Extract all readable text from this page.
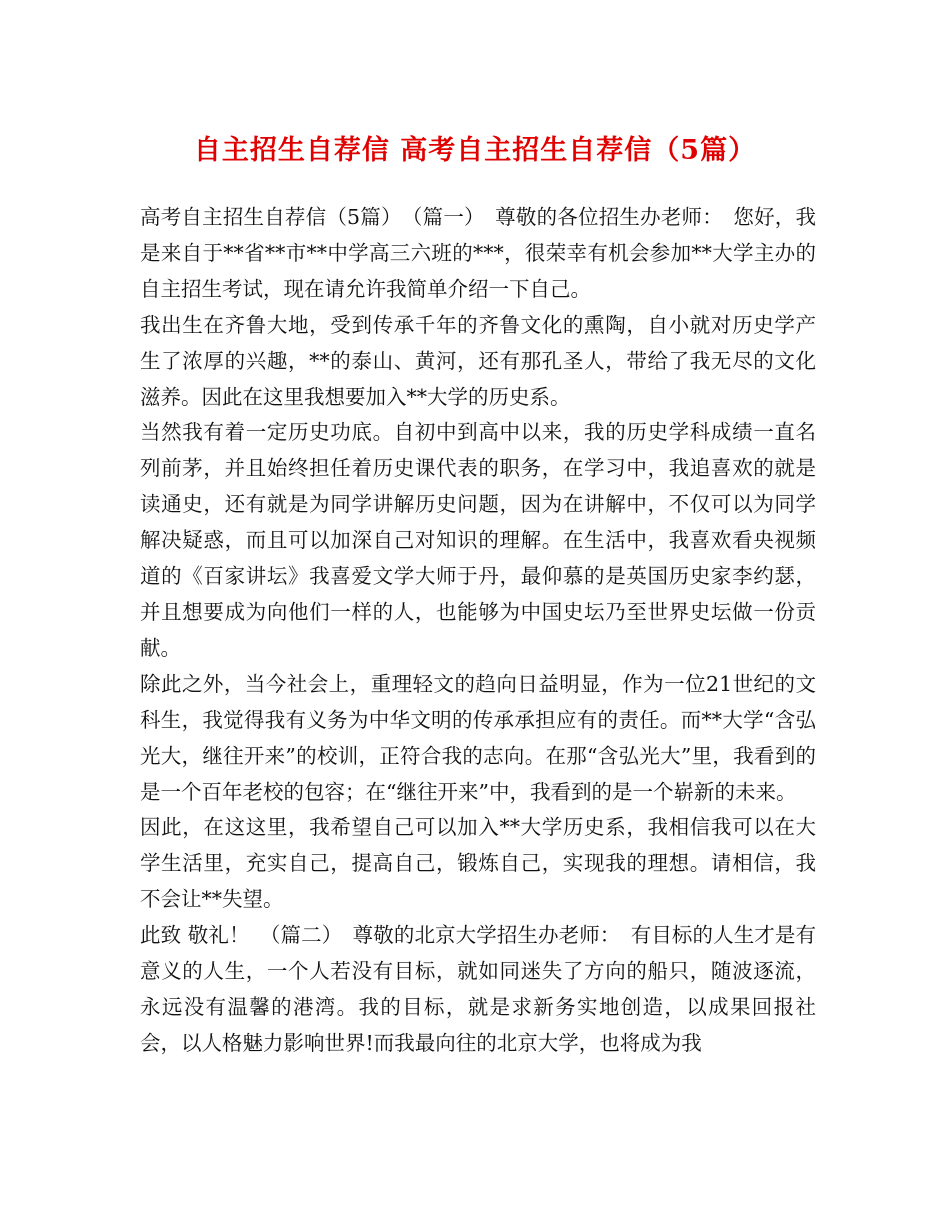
自主招生自荐信 高考自主招生自荐信（5篇）

高考自主招生自荐信（5篇）　（篇一）　尊敬的各位招生办老师：　您好，我是来自于**省**市**中学高三六班的***，很荣幸有机会参加**大学主办的自主招生考试，现在请允许我简单介绍一下自己。

我出生在齐鲁大地，受到传承千年的齐鲁文化的熏陶，自小就对历史学产生了浓厚的兴趣，**的泰山、黄河，还有那孔圣人，带给了我无尽的文化滋养。因此在这里我想要加入**大学的历史系。

当然我有着一定历史功底。自初中到高中以来，我的历史学科成绩一直名列前茅，并且始终担任着历史课代表的职务，在学习中，我追喜欢的就是读通史，还有就是为同学讲解历史问题，因为在讲解中，不仅可以为同学解决疑惑，而且可以加深自己对知识的理解。在生活中，我喜欢看央视频道的《百家讲坛》我喜爱文学大师于丹，最仰慕的是英国历史家李约瑟，并且想要成为向他们一样的人，也能够为中国史坛乃至世界史坛做一份贡献。

除此之外，当今社会上，重理轻文的趋向日益明显，作为一位21世纪的文科生，我觉得我有义务为中华文明的传承承担应有的责任。而**大学“含弘光大，继往开来”的校训，正符合我的志向。在那“含弘光大”里，我看到的是一个百年老校的包容；在“继往开来”中，我看到的是一个崭新的未来。

因此，在这这里，我希望自己可以加入**大学历史系，我相信我可以在大学生活里，充实自己，提高自己，锻炼自己，实现我的理想。请相信，我不会让**失望。

此致 敬礼！　（篇二）　尊敬的北京大学招生办老师：　有目标的人生才是有意义的人生，一个人若没有目标，就如同迷失了方向的船只，随波逐流，永远没有温馨的港湾。我的目标，就是求新务实地创造，以成果回报社会，以人格魅力影响世界!而我最向往的北京大学，也将成为我
